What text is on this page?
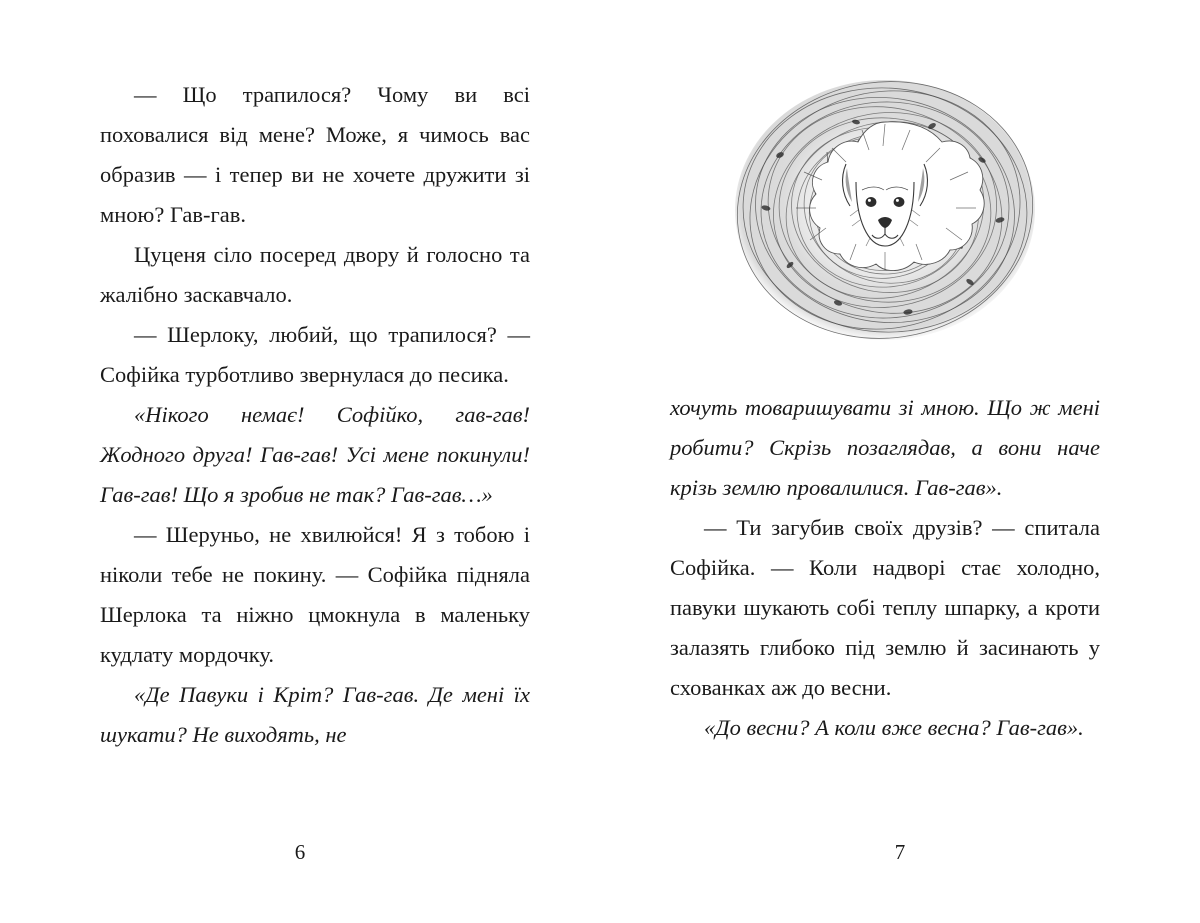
— Що трапилося? Чому ви всі поховалися від мене? Може, я чимось вас образив — і тепер ви не хочете дружити зі мною? Гав-гав.

Цуценя сіло посеред двору й голосно та жалібно заскавчало.

— Шерлоку, любий, що трапилося? — Софійка турботливо звернулася до песика.

«Нікого немає! Софійко, гав-гав! Жодного друга! Гав-гав! Усі мене покинули! Гав-гав! Що я зробив не так? Гав-гав…»

— Шеруньо, не хвилюйся! Я з тобою і ніколи тебе не покину. — Софійка підняла Шерлока та ніжно цмокнула в маленьку кудлату мордочку.

«Де Павуки і Кріт? Гав-гав. Де мені їх шукати? Не виходять, не

6

хочуть товаришувати зі мною. Що ж мені робити? Скрізь позаглядав, а вони наче крізь землю провалилися. Гав-гав».

— Ти загубив своїх друзів? — спитала Софійка. — Коли надворі стає холодно, павуки шукають собі теплу шпарку, а кроти залазять глибоко під землю й засинають у схованках аж до весни.

«До весни? А коли вже весна? Гав-гав».

7
